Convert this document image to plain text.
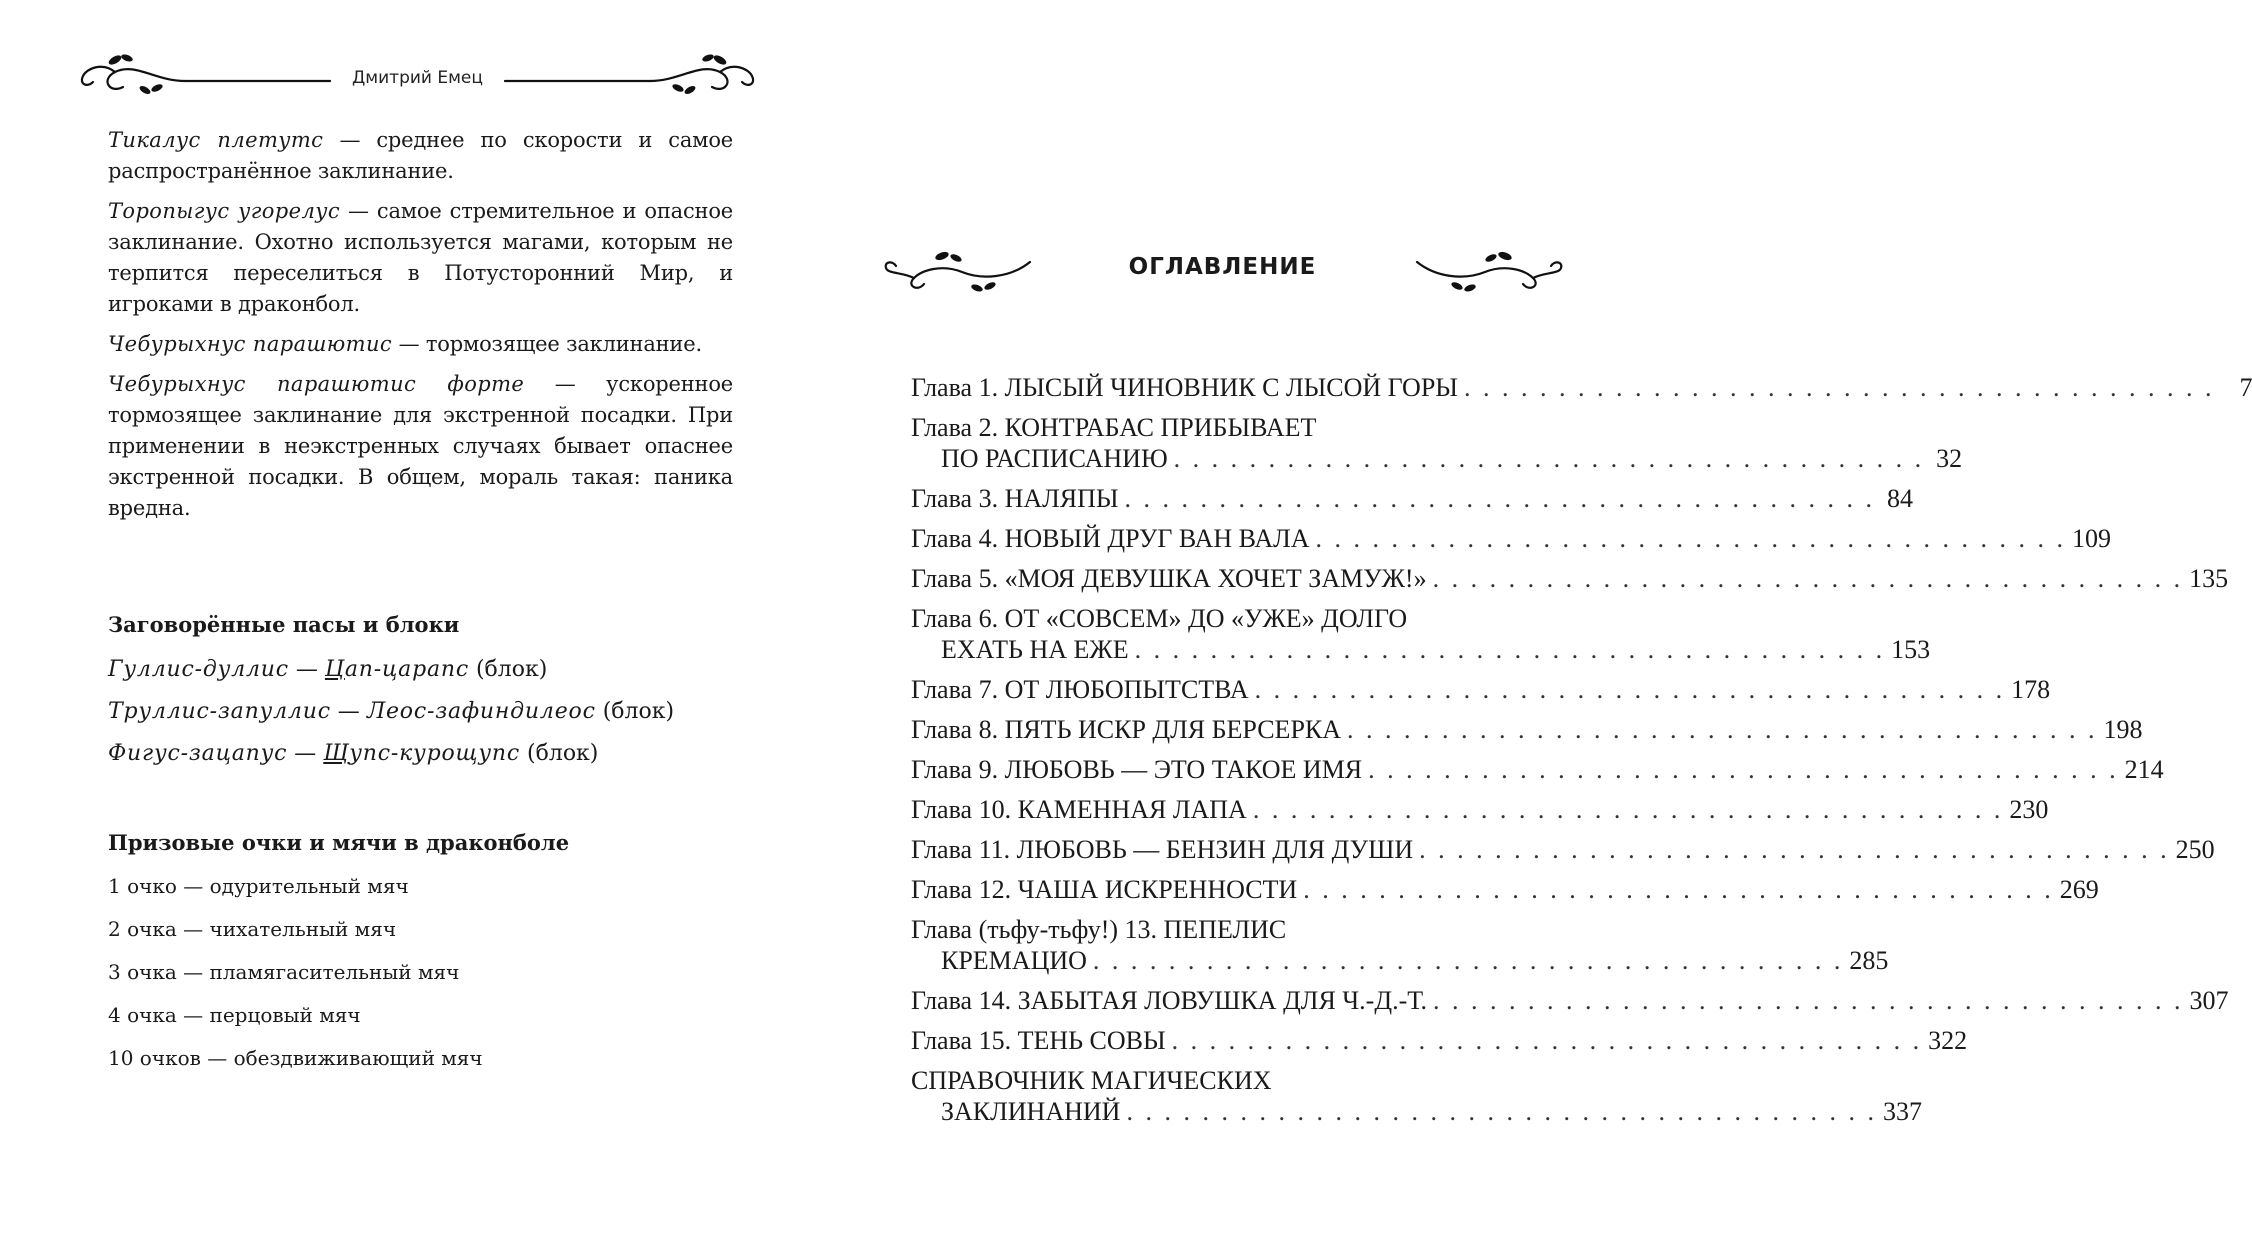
Дмитрий Емец

Тикалус плетутс — среднее по скорости и самое распространённое заклинание.

Торопыгус угорелус — самое стремительное и опасное заклинание. Охотно используется магами, которым не терпится переселиться в Потусторонний Мир, и игроками в драконбол.

Чебурыхнус парашютис — тормозящее заклинание.

Чебурыхнус парашютис форте — ускоренное тормозящее заклинание для экстренной посадки. При применении в неэкстренных случаях бывает опаснее экстренной посадки. В общем, мораль такая: паника вредна.

Заговорённые пасы и блоки
Гуллис-дуллис — Цап-царапс (блок)
Труллис-запуллис — Леос-зафиндилеос (блок)
Фигус-зацапус — Щупс-курощупс (блок)
Призовые очки и мячи в драконболе
1 очко — одурительный мяч
2 очка — чихательный мяч
3 очка — пламягасительный мяч
4 очка — перцовый мяч
10 очков — обездвиживающий мяч
ОГЛАВЛЕНИЕ
Глава 1. ЛЫСЫЙ ЧИНОВНИК С ЛЫСОЙ ГОРЫ . . . . . . . . . . . . . . . . . . . . . . . . . . . . . . . . . . . . . . . . 7
Глава 2. КОНТРАБАС ПРИБЫВАЕТ
ПО РАСПИСАНИЮ . . . . . . . . . . . . . . . . . . . . . . . . . . . . . . . . . . . . . . . . 32
Глава 3. НАЛЯПЫ . . . . . . . . . . . . . . . . . . . . . . . . . . . . . . . . . . . . . . . . 84
Глава 4. НОВЫЙ ДРУГ ВАН ВАЛА . . . . . . . . . . . . . . . . . . . . . . . . . . . . . . . . . . . . . . . . 109
Глава 5. «МОЯ ДЕВУШКА ХОЧЕТ ЗАМУЖ!» . . . . . . . . . . . . . . . . . . . . . . . . . . . . . . . . . . . . . . . . 135
Глава 6. ОТ «СОВСЕМ» ДО «УЖЕ» ДОЛГО
ЕХАТЬ НА ЕЖЕ . . . . . . . . . . . . . . . . . . . . . . . . . . . . . . . . . . . . . . . . 153
Глава 7. ОТ ЛЮБОПЫТСТВА . . . . . . . . . . . . . . . . . . . . . . . . . . . . . . . . . . . . . . . . 178
Глава 8. ПЯТЬ ИСКР ДЛЯ БЕРСЕРКА . . . . . . . . . . . . . . . . . . . . . . . . . . . . . . . . . . . . . . . . 198
Глава 9. ЛЮБОВЬ — ЭТО ТАКОЕ ИМЯ . . . . . . . . . . . . . . . . . . . . . . . . . . . . . . . . . . . . . . . . 214
Глава 10. КАМЕННАЯ ЛАПА . . . . . . . . . . . . . . . . . . . . . . . . . . . . . . . . . . . . . . . . 230
Глава 11. ЛЮБОВЬ — БЕНЗИН ДЛЯ ДУШИ . . . . . . . . . . . . . . . . . . . . . . . . . . . . . . . . . . . . . . . . 250
Глава 12. ЧАША ИСКРЕННОСТИ . . . . . . . . . . . . . . . . . . . . . . . . . . . . . . . . . . . . . . . . 269
Глава (тьфу-тьфу!) 13. ПЕПЕЛИС
КРЕМАЦИО . . . . . . . . . . . . . . . . . . . . . . . . . . . . . . . . . . . . . . . . 285
Глава 14. ЗАБЫТАЯ ЛОВУШКА ДЛЯ Ч.-Д.-Т. . . . . . . . . . . . . . . . . . . . . . . . . . . . . . . . . . . . . . . . . 307
Глава 15. ТЕНЬ СОВЫ . . . . . . . . . . . . . . . . . . . . . . . . . . . . . . . . . . . . . . . . 322
СПРАВОЧНИК МАГИЧЕСКИХ
ЗАКЛИНАНИЙ . . . . . . . . . . . . . . . . . . . . . . . . . . . . . . . . . . . . . . . . 337
